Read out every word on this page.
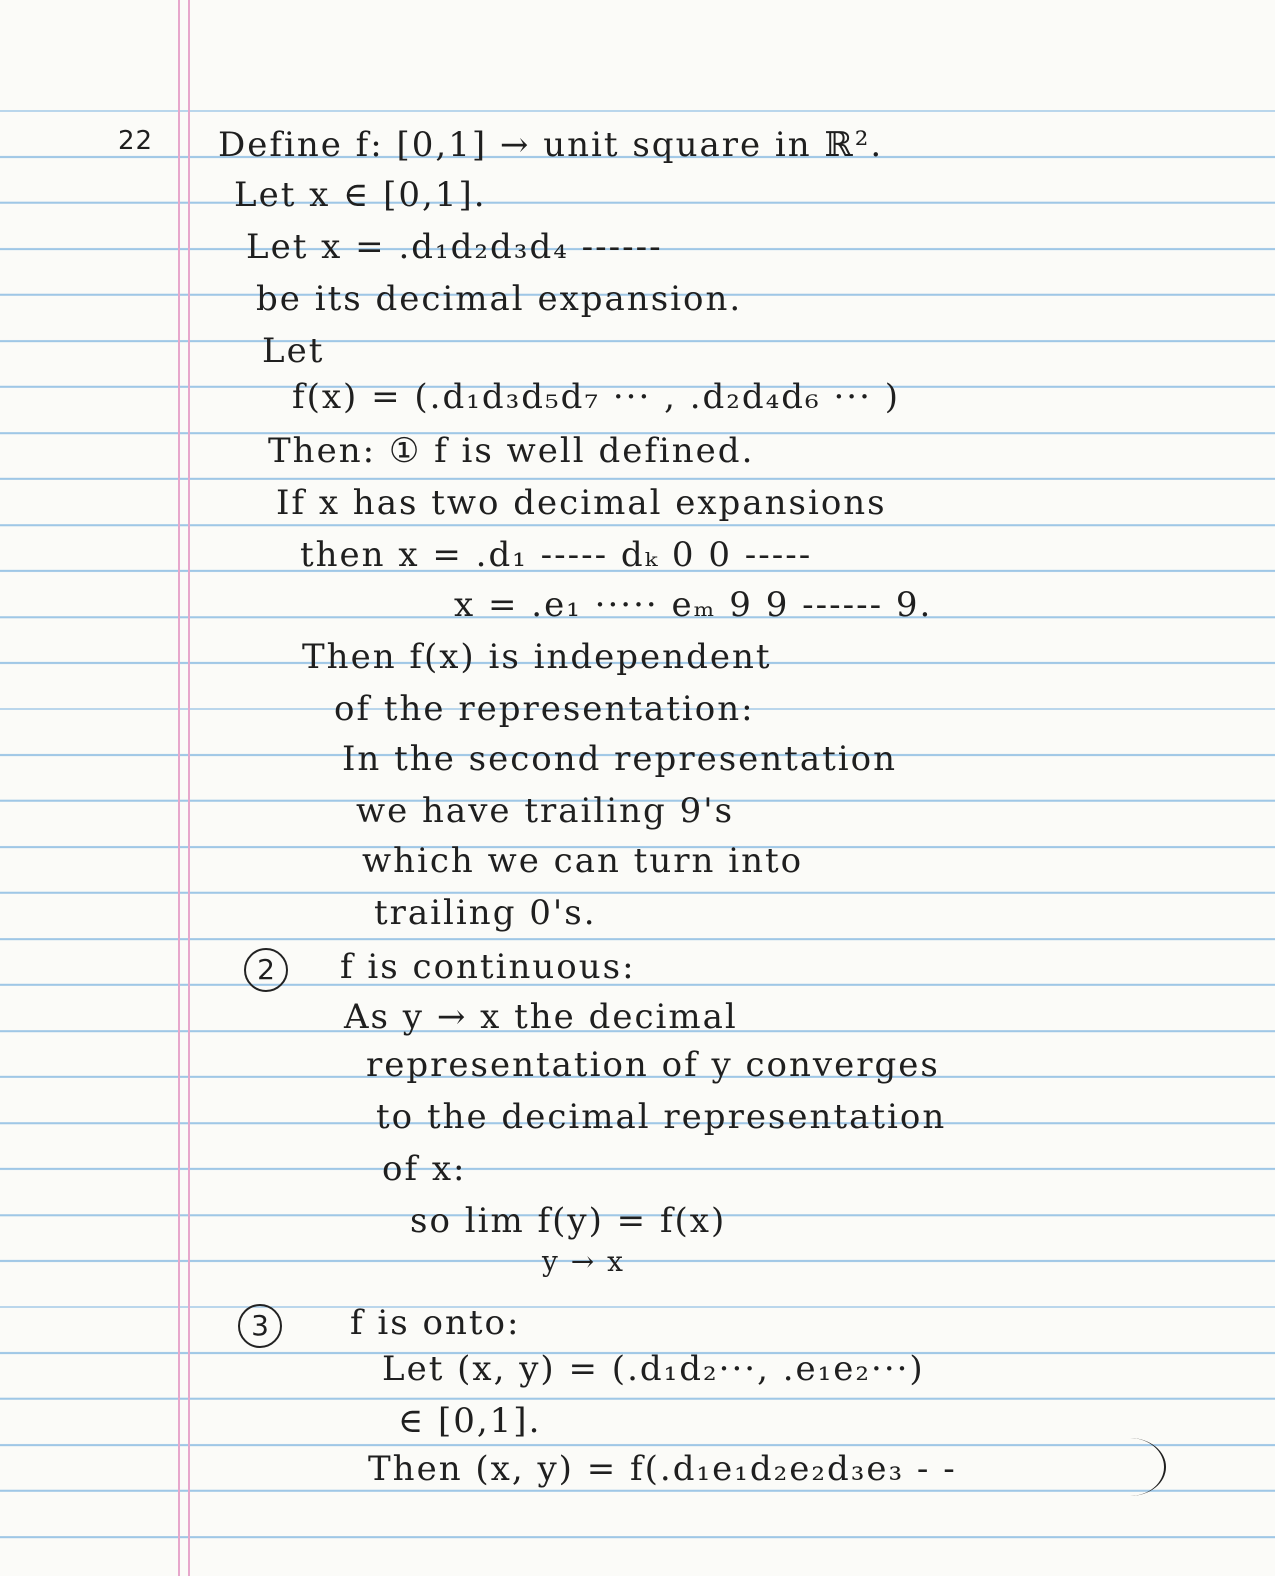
22 Define f: [0,1] → unit square in ℝ².
Let x ∈ [0,1].
Let x = .d₁d₂d₃d₄ ------
be its decimal expansion.
Let
f(x) = (.d₁d₃d₅d₇ ··· , .d₂d₄d₆ ··· )
Then: ① f is well defined.
If x has two decimal expansions
then x = .d₁ ----- dₖ 0 0 -----
x = .e₁ ····· eₘ 9 9 ------ 9.
Then f(x) is independent
of the representation:
In the second representation
we have trailing 9's
which we can turn into
trailing 0's.
2	f is continuous:
As y → x the decimal
representation of y converges
to the decimal representation
of x:
so lim f(y) = f(x)
y → x
3	f is onto:
Let (x, y) = (.d₁d₂···, .e₁e₂···)
∈ [0,1].
Then (x, y) = f(.d₁e₁d₂e₂d₃e₃ - -
